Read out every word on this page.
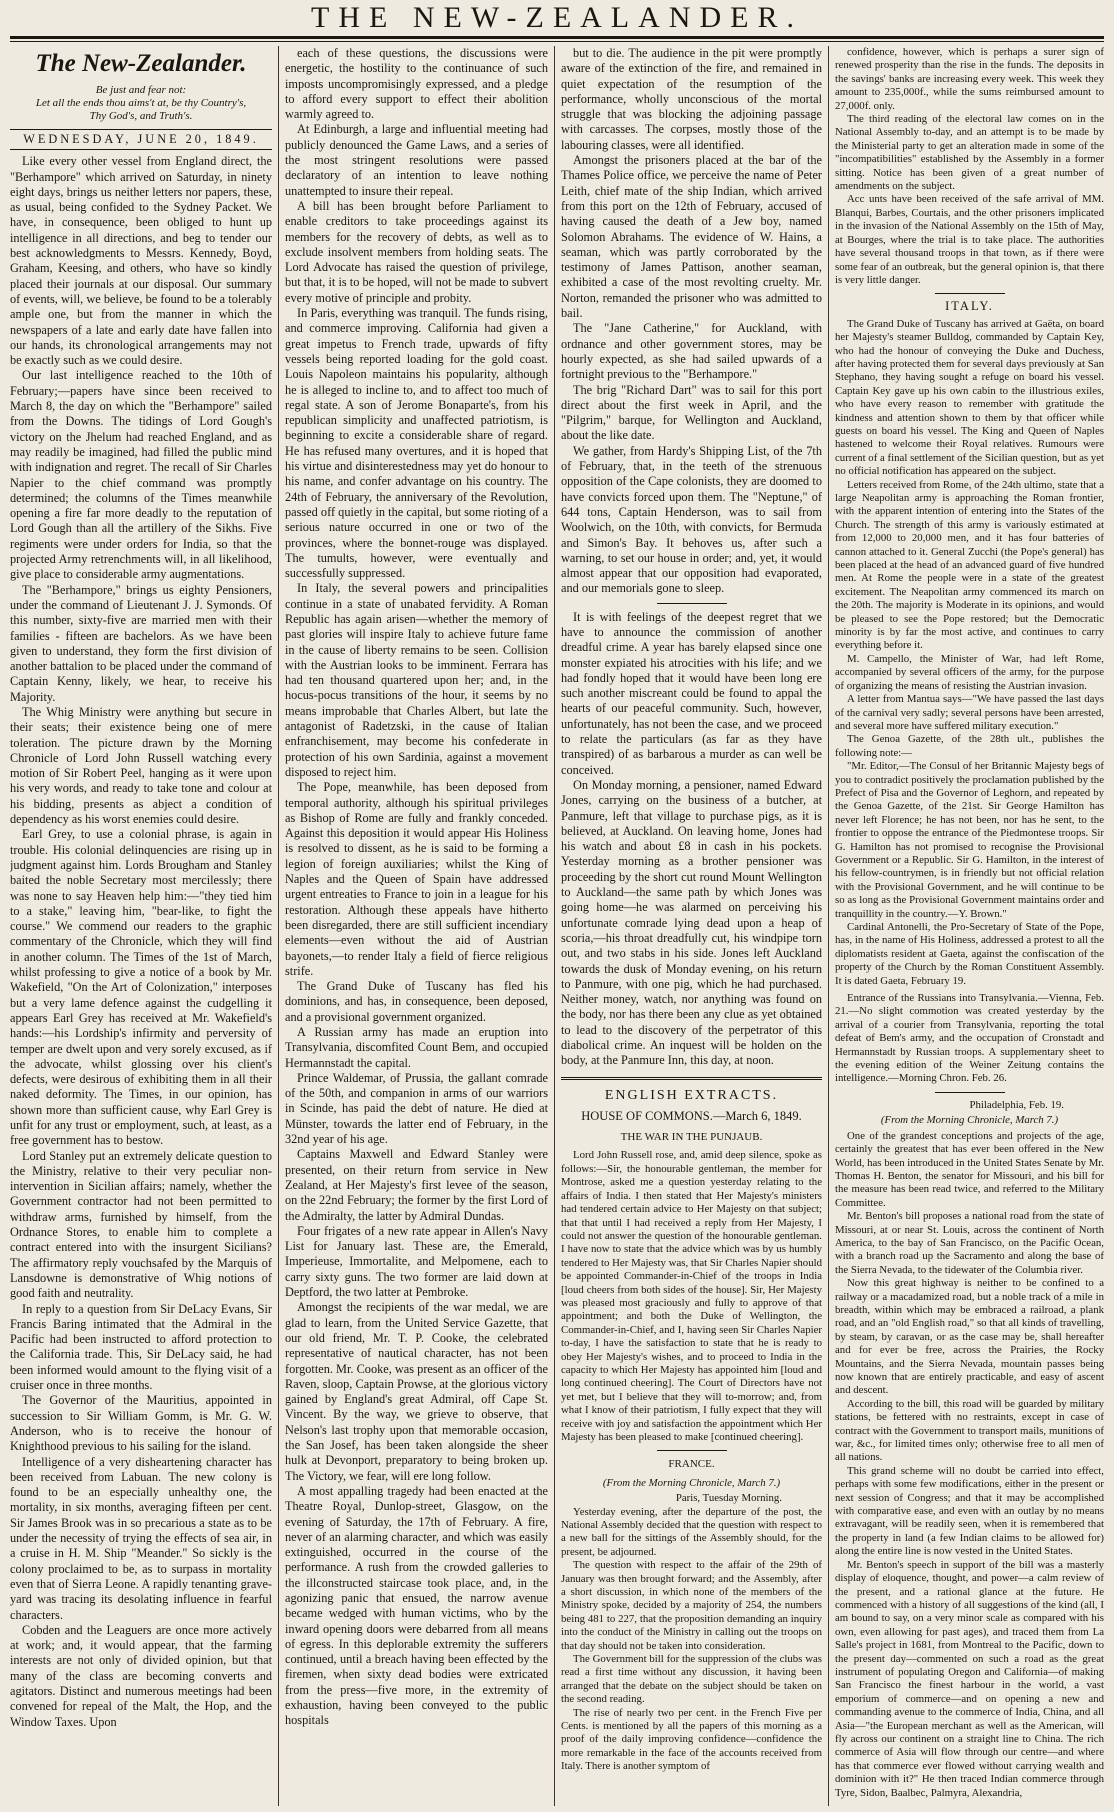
THE NEW-ZEALANDER.
The New-Zealander.
Be just and fear not:
Let all the ends thou aims't at, be thy Country's,
Thy God's, and Truth's.
WEDNESDAY, JUNE 20, 1849.

Like every other vessel from England direct, the "Berhampore" which arrived on Saturday, in ninety eight days, brings us neither letters nor papers, these, as usual, being confided to the Sydney Packet. We have, in consequence, been obliged to hunt up intelligence in all directions, and beg to tender our best acknowledgments to Messrs. Kennedy, Boyd, Graham, Keesing, and others, who have so kindly placed their journals at our disposal. Our summary of events, will, we believe, be found to be a tolerably ample one, but from the manner in which the newspapers of a late and early date have fallen into our hands, its chronological arrangements may not be exactly such as we could desire.

Our last intelligence reached to the 10th of February;—papers have since been received to March 8, the day on which the "Berhampore" sailed from the Downs. The tidings of Lord Gough's victory on the Jhelum had reached England, and as may readily be imagined, had filled the public mind with indignation and regret. The recall of Sir Charles Napier to the chief command was promptly determined; the columns of the Times meanwhile opening a fire far more deadly to the reputation of Lord Gough than all the artillery of the Sikhs. Five regiments were under orders for India, so that the projected Army retrenchments will, in all likelihood, give place to considerable army augmentations.

The "Berhampore," brings us eighty Pensioners, under the command of Lieutenant J. J. Symonds. Of this number, sixty-five are married men with their families - fifteen are bachelors. As we have been given to understand, they form the first division of another battalion to be placed under the command of Captain Kenny, likely, we hear, to receive his Majority.

The Whig Ministry were anything but secure in their seats; their existence being one of mere toleration. The picture drawn by the Morning Chronicle of Lord John Russell watching every motion of Sir Robert Peel, hanging as it were upon his very words, and ready to take tone and colour at his bidding, presents as abject a condition of dependency as his worst enemies could desire.

Earl Grey, to use a colonial phrase, is again in trouble. His colonial delinquencies are rising up in judgment against him. Lords Brougham and Stanley baited the noble Secretary most mercilessly; there was none to say Heaven help him:—"they tied him to a stake," leaving him, "bear-like, to fight the course." We commend our readers to the graphic commentary of the Chronicle, which they will find in another column. The Times of the 1st of March, whilst professing to give a notice of a book by Mr. Wakefield, "On the Art of Colonization," interposes but a very lame defence against the cudgelling it appears Earl Grey has received at Mr. Wakefield's hands:—his Lordship's infirmity and perversity of temper are dwelt upon and very sorely excused, as if the advocate, whilst glossing over his client's defects, were desirous of exhibiting them in all their naked deformity. The Times, in our opinion, has shown more than sufficient cause, why Earl Grey is unfit for any trust or employment, such, at least, as a free government has to bestow.

Lord Stanley put an extremely delicate question to the Ministry, relative to their very peculiar non-intervention in Sicilian affairs; namely, whether the Government contractor had not been permitted to withdraw arms, furnished by himself, from the Ordnance Stores, to enable him to complete a contract entered into with the insurgent Sicilians? The affirmatory reply vouchsafed by the Marquis of Lansdowne is demonstrative of Whig notions of good faith and neutrality.

In reply to a question from Sir DeLacy Evans, Sir Francis Baring intimated that the Admiral in the Pacific had been instructed to afford protection to the California trade. This, Sir DeLacy said, he had been informed would amount to the flying visit of a cruiser once in three months.

The Governor of the Mauritius, appointed in succession to Sir William Gomm, is Mr. G. W. Anderson, who is to receive the honour of Knighthood previous to his sailing for the island.

Intelligence of a very disheartening character has been received from Labuan. The new colony is found to be an especially unhealthy one, the mortality, in six months, averaging fifteen per cent. Sir James Brook was in so precarious a state as to be under the necessity of trying the effects of sea air, in a cruise in H. M. Ship "Meander." So sickly is the colony proclaimed to be, as to surpass in mortality even that of Sierra Leone. A rapidly tenanting grave-yard was tracing its desolating influence in fearful characters.

Cobden and the Leaguers are once more actively at work; and, it would appear, that the farming interests are not only of divided opinion, but that many of the class are becoming converts and agitators. Distinct and numerous meetings had been convened for repeal of the Malt, the Hop, and the Window Taxes. Upon

each of these questions, the discussions were energetic, the hostility to the continuance of such imposts uncompromisingly expressed, and a pledge to afford every support to effect their abolition warmly agreed to.

At Edinburgh, a large and influential meeting had publicly denounced the Game Laws, and a series of the most stringent resolutions were passed declaratory of an intention to leave nothing unattempted to insure their repeal.

A bill has been brought before Parliament to enable creditors to take proceedings against its members for the recovery of debts, as well as to exclude insolvent members from holding seats. The Lord Advocate has raised the question of privilege, but that, it is to be hoped, will not be made to subvert every motive of principle and probity.

In Paris, everything was tranquil. The funds rising, and commerce improving. California had given a great impetus to French trade, upwards of fifty vessels being reported loading for the gold coast. Louis Napoleon maintains his popularity, although he is alleged to incline to, and to affect too much of regal state. A son of Jerome Bonaparte's, from his republican simplicity and unaffected patriotism, is beginning to excite a considerable share of regard. He has refused many overtures, and it is hoped that his virtue and disinterestedness may yet do honour to his name, and confer advantage on his country. The 24th of February, the anniversary of the Revolution, passed off quietly in the capital, but some rioting of a serious nature occurred in one or two of the provinces, where the bonnet-rouge was displayed. The tumults, however, were eventually and successfully suppressed.

In Italy, the several powers and principalities continue in a state of unabated fervidity. A Roman Republic has again arisen—whether the memory of past glories will inspire Italy to achieve future fame in the cause of liberty remains to be seen. Collision with the Austrian looks to be imminent. Ferrara has had ten thousand quartered upon her; and, in the hocus-pocus transitions of the hour, it seems by no means improbable that Charles Albert, but late the antagonist of Radetzski, in the cause of Italian enfranchisement, may become his confederate in protection of his own Sardinia, against a movement disposed to reject him.

The Pope, meanwhile, has been deposed from temporal authority, although his spiritual privileges as Bishop of Rome are fully and frankly conceded. Against this deposition it would appear His Holiness is resolved to dissent, as he is said to be forming a legion of foreign auxiliaries; whilst the King of Naples and the Queen of Spain have addressed urgent entreaties to France to join in a league for his restoration. Although these appeals have hitherto been disregarded, there are still sufficient incendiary elements—even without the aid of Austrian bayonets,—to render Italy a field of fierce religious strife.

The Grand Duke of Tuscany has fled his dominions, and has, in consequence, been deposed, and a provisional government organized.

A Russian army has made an eruption into Transylvania, discomfited Count Bem, and occupied Hermannstadt the capital.

Prince Waldemar, of Prussia, the gallant comrade of the 50th, and companion in arms of our warriors in Scinde, has paid the debt of nature. He died at Münster, towards the latter end of February, in the 32nd year of his age.

Captains Maxwell and Edward Stanley were presented, on their return from service in New Zealand, at Her Majesty's first levee of the season, on the 22nd February; the former by the first Lord of the Admiralty, the latter by Admiral Dundas.

Four frigates of a new rate appear in Allen's Navy List for January last. These are, the Emerald, Imperieuse, Immortalite, and Melpomene, each to carry sixty guns. The two former are laid down at Deptford, the two latter at Pembroke.

Amongst the recipients of the war medal, we are glad to learn, from the United Service Gazette, that our old friend, Mr. T. P. Cooke, the celebrated representative of nautical character, has not been forgotten. Mr. Cooke, was present as an officer of the Raven, sloop, Captain Prowse, at the glorious victory gained by England's great Admiral, off Cape St. Vincent. By the way, we grieve to observe, that Nelson's last trophy upon that memorable occasion, the San Josef, has been taken alongside the sheer hulk at Devonport, preparatory to being broken up. The Victory, we fear, will ere long follow.

A most appalling tragedy had been enacted at the Theatre Royal, Dunlop-street, Glasgow, on the evening of Saturday, the 17th of February. A fire, never of an alarming character, and which was easily extinguished, occurred in the course of the performance. A rush from the crowded galleries to the illconstructed staircase took place, and, in the agonizing panic that ensued, the narrow avenue became wedged with human victims, who by the inward opening doors were debarred from all means of egress. In this deplorable extremity the sufferers continued, until a breach having been effected by the firemen, when sixty dead bodies were extricated from the press—five more, in the extremity of exhaustion, having been conveyed to the public hospitals

but to die. The audience in the pit were promptly aware of the extinction of the fire, and remained in quiet expectation of the resumption of the performance, wholly unconscious of the mortal struggle that was blocking the adjoining passage with carcasses. The corpses, mostly those of the labouring classes, were all identified.

Amongst the prisoners placed at the bar of the Thames Police office, we perceive the name of Peter Leith, chief mate of the ship Indian, which arrived from this port on the 12th of February, accused of having caused the death of a Jew boy, named Solomon Abrahams. The evidence of W. Hains, a seaman, which was partly corroborated by the testimony of James Pattison, another seaman, exhibited a case of the most revolting cruelty. Mr. Norton, remanded the prisoner who was admitted to bail.

The "Jane Catherine," for Auckland, with ordnance and other government stores, may be hourly expected, as she had sailed upwards of a fortnight previous to the "Berhampore."

The brig "Richard Dart" was to sail for this port direct about the first week in April, and the "Pilgrim," barque, for Wellington and Auckland, about the like date.

We gather, from Hardy's Shipping List, of the 7th of February, that, in the teeth of the strenuous opposition of the Cape colonists, they are doomed to have convicts forced upon them. The "Neptune," of 644 tons, Captain Henderson, was to sail from Woolwich, on the 10th, with convicts, for Bermuda and Simon's Bay. It behoves us, after such a warning, to set our house in order; and, yet, it would almost appear that our opposition had evaporated, and our memorials gone to sleep.

It is with feelings of the deepest regret that we have to announce the commission of another dreadful crime. A year has barely elapsed since one monster expiated his atrocities with his life; and we had fondly hoped that it would have been long ere such another miscreant could be found to appal the hearts of our peaceful community. Such, however, unfortunately, has not been the case, and we proceed to relate the particulars (as far as they have transpired) of as barbarous a murder as can well be conceived.

On Monday morning, a pensioner, named Edward Jones, carrying on the business of a butcher, at Panmure, left that village to purchase pigs, as it is believed, at Auckland. On leaving home, Jones had his watch and about £8 in cash in his pockets. Yesterday morning as a brother pensioner was proceeding by the short cut round Mount Wellington to Auckland—the same path by which Jones was going home—he was alarmed on perceiving his unfortunate comrade lying dead upon a heap of scoria,—his throat dreadfully cut, his windpipe torn out, and two stabs in his side. Jones left Auckland towards the dusk of Monday evening, on his return to Panmure, with one pig, which he had purchased. Neither money, watch, nor anything was found on the body, nor has there been any clue as yet obtained to lead to the discovery of the perpetrator of this diabolical crime. An inquest will be holden on the body, at the Panmure Inn, this day, at noon.

ENGLISH EXTRACTS.
HOUSE OF COMMONS.—March 6, 1849.
THE WAR IN THE PUNJAUB.

Lord John Russell rose, and, amid deep silence, spoke as follows:—Sir, the honourable gentleman, the member for Montrose, asked me a question yesterday relating to the affairs of India. I then stated that Her Majesty's ministers had tendered certain advice to Her Majesty on that subject; that that until I had received a reply from Her Majesty, I could not answer the question of the honourable gentleman. I have now to state that the advice which was by us humbly tendered to Her Majesty was, that Sir Charles Napier should be appointed Commander-in-Chief of the troops in India [loud cheers from both sides of the house]. Sir, Her Majesty was pleased most graciously and fully to approve of that appointment; and both the Duke of Wellington, the Commander-in-Chief, and I, having seen Sir Charles Napier to-day, I have the satisfaction to state that he is ready to obey Her Majesty's wishes, and to proceed to India in the capacity to which Her Majesty has appointed him [loud and long continued cheering]. The Court of Directors have not yet met, but I believe that they will to-morrow; and, from what I know of their patriotism, I fully expect that they will receive with joy and satisfaction the appointment which Her Majesty has been pleased to make [continued cheering].

FRANCE.
(From the Morning Chronicle, March 7.)
Paris, Tuesday Morning.

Yesterday evening, after the departure of the post, the National Assembly decided that the question with respect to a new ball for the sittings of the Assembly should, for the present, be adjourned.

The question with respect to the affair of the 29th of January was then brought forward; and the Assembly, after a short discussion, in which none of the members of the Ministry spoke, decided by a majority of 254, the numbers being 481 to 227, that the proposition demanding an inquiry into the conduct of the Ministry in calling out the troops on that day should not be taken into consideration.

The Government bill for the suppression of the clubs was read a first time without any discussion, it having been arranged that the debate on the subject should be taken on the second reading.

The rise of nearly two per cent. in the French Five per Cents. is mentioned by all the papers of this morning as a proof of the daily improving confidence—confidence the more remarkable in the face of the accounts received from Italy. There is another symptom of

confidence, however, which is perhaps a surer sign of renewed prosperity than the rise in the funds. The deposits in the savings' banks are increasing every week. This week they amount to 235,000f., while the sums reimbursed amount to 27,000f. only.

The third reading of the electoral law comes on in the National Assembly to-day, and an attempt is to be made by the Ministerial party to get an alteration made in some of the "incompatibilities" established by the Assembly in a former sitting. Notice has been given of a great number of amendments on the subject.

Acc unts have been received of the safe arrival of MM. Blanqui, Barbes, Courtais, and the other prisoners implicated in the invasion of the National Assembly on the 15th of May, at Bourges, where the trial is to take place. The authorities have several thousand troops in that town, as if there were some fear of an outbreak, but the general opinion is, that there is very little danger.

ITALY.

The Grand Duke of Tuscany has arrived at Gaëta, on board her Majesty's steamer Bulldog, commanded by Captain Key, who had the honour of conveying the Duke and Duchess, after having protected them for several days previously at San Stephano, they having sought a refuge on board his vessel. Captain Key gave up his own cabin to the illustrious exiles, who have every reason to remember with gratitude the kindness and attention shown to them by that officer while guests on board his vessel. The King and Queen of Naples hastened to welcome their Royal relatives. Rumours were current of a final settlement of the Sicilian question, but as yet no official notification has appeared on the subject.

Letters received from Rome, of the 24th ultimo, state that a large Neapolitan army is approaching the Roman frontier, with the apparent intention of entering into the States of the Church. The strength of this army is variously estimated at from 12,000 to 20,000 men, and it has four batteries of cannon attached to it. General Zucchi (the Pope's general) has been placed at the head of an advanced guard of five hundred men. At Rome the people were in a state of the greatest excitement. The Neapolitan army commenced its march on the 20th. The majority is Moderate in its opinions, and would be pleased to see the Pope restored; but the Democratic minority is by far the most active, and continues to carry everything before it.

M. Campello, the Minister of War, had left Rome, accompanied by several officers of the army, for the purpose of organizing the means of resisting the Austrian invasion.

A letter from Mantua says—"We have passed the last days of the carnival very sadly; several persons have been arrested, and several more have suffered military execution."

The Genoa Gazette, of the 28th ult., publishes the following note:—

"Mr. Editor,—The Consul of her Britannic Majesty begs of you to contradict positively the proclamation published by the Prefect of Pisa and the Governor of Leghorn, and repeated by the Genoa Gazette, of the 21st. Sir George Hamilton has never left Florence; he has not been, nor has he sent, to the frontier to oppose the entrance of the Piedmontese troops. Sir G. Hamilton has not promised to recognise the Provisional Government or a Republic. Sir G. Hamilton, in the interest of his fellow-countrymen, is in friendly but not official relation with the Provisional Government, and he will continue to be so as long as the Provisional Government maintains order and tranquillity in the country.—Y. Brown."

Cardinal Antonelli, the Pro-Secretary of State of the Pope, has, in the name of His Holiness, addressed a protest to all the diplomatists resident at Gaeta, against the confiscation of the property of the Church by the Roman Constituent Assembly. It is dated Gaeta, February 19.

Entrance of the Russians into Transylvania.—Vienna, Feb. 21.—No slight commotion was created yesterday by the arrival of a courier from Transylvania, reporting the total defeat of Bem's army, and the occupation of Cronstadt and Hermannstadt by Russian troops. A supplementary sheet to the evening edition of the Weiner Zeitung contains the intelligence.—Morning Chron. Feb. 26.

Philadelphia, Feb. 19.
(From the Morning Chronicle, March 7.)

One of the grandest conceptions and projects of the age, certainly the greatest that has ever been offered in the New World, has been introduced in the United States Senate by Mr. Thomas H. Benton, the senator for Missouri, and his bill for the measure has been read twice, and referred to the Military Committee.

Mr. Benton's bill proposes a national road from the state of Missouri, at or near St. Louis, across the continent of North America, to the bay of San Francisco, on the Pacific Ocean, with a branch road up the Sacramento and along the base of the Sierra Nevada, to the tidewater of the Columbia river.

Now this great highway is neither to be confined to a railway or a macadamized road, but a noble track of a mile in breadth, within which may be embraced a railroad, a plank road, and an "old English road," so that all kinds of travelling, by steam, by caravan, or as the case may be, shall hereafter and for ever be free, across the Prairies, the Rocky Mountains, and the Sierra Nevada, mountain passes being now known that are entirely practicable, and easy of ascent and descent.

According to the bill, this road will be guarded by military stations, be fettered with no restraints, except in case of contract with the Government to transport mails, munitions of war, &c., for limited times only; otherwise free to all men of all nations.

This grand scheme will no doubt be carried into effect, perhaps with some few modifications, either in the present or next session of Congress; and that it may be accomplished with comparative ease, and even with an outlay by no means extravagant, will be readily seen, when it is remembered that the property in land (a few Indian claims to be allowed for) along the entire line is now vested in the United States.

Mr. Benton's speech in support of the bill was a masterly display of eloquence, thought, and power—a calm review of the present, and a rational glance at the future. He commenced with a history of all suggestions of the kind (all, I am bound to say, on a very minor scale as compared with his own, even allowing for past ages), and traced them from La Salle's project in 1681, from Montreal to the Pacific, down to the present day—commented on such a road as the great instrument of populating Oregon and California—of making San Francisco the finest harbour in the world, a vast emporium of commerce—and on opening a new and commanding avenue to the commerce of India, China, and all Asia—"the European merchant as well as the American, will fly across our continent on a straight line to China. The rich commerce of Asia will flow through our centre—and where has that commerce ever flowed without carrying wealth and dominion with it?" He then traced Indian commerce through Tyre, Sidon, Baalbec, Palmyra, Alexandria,
